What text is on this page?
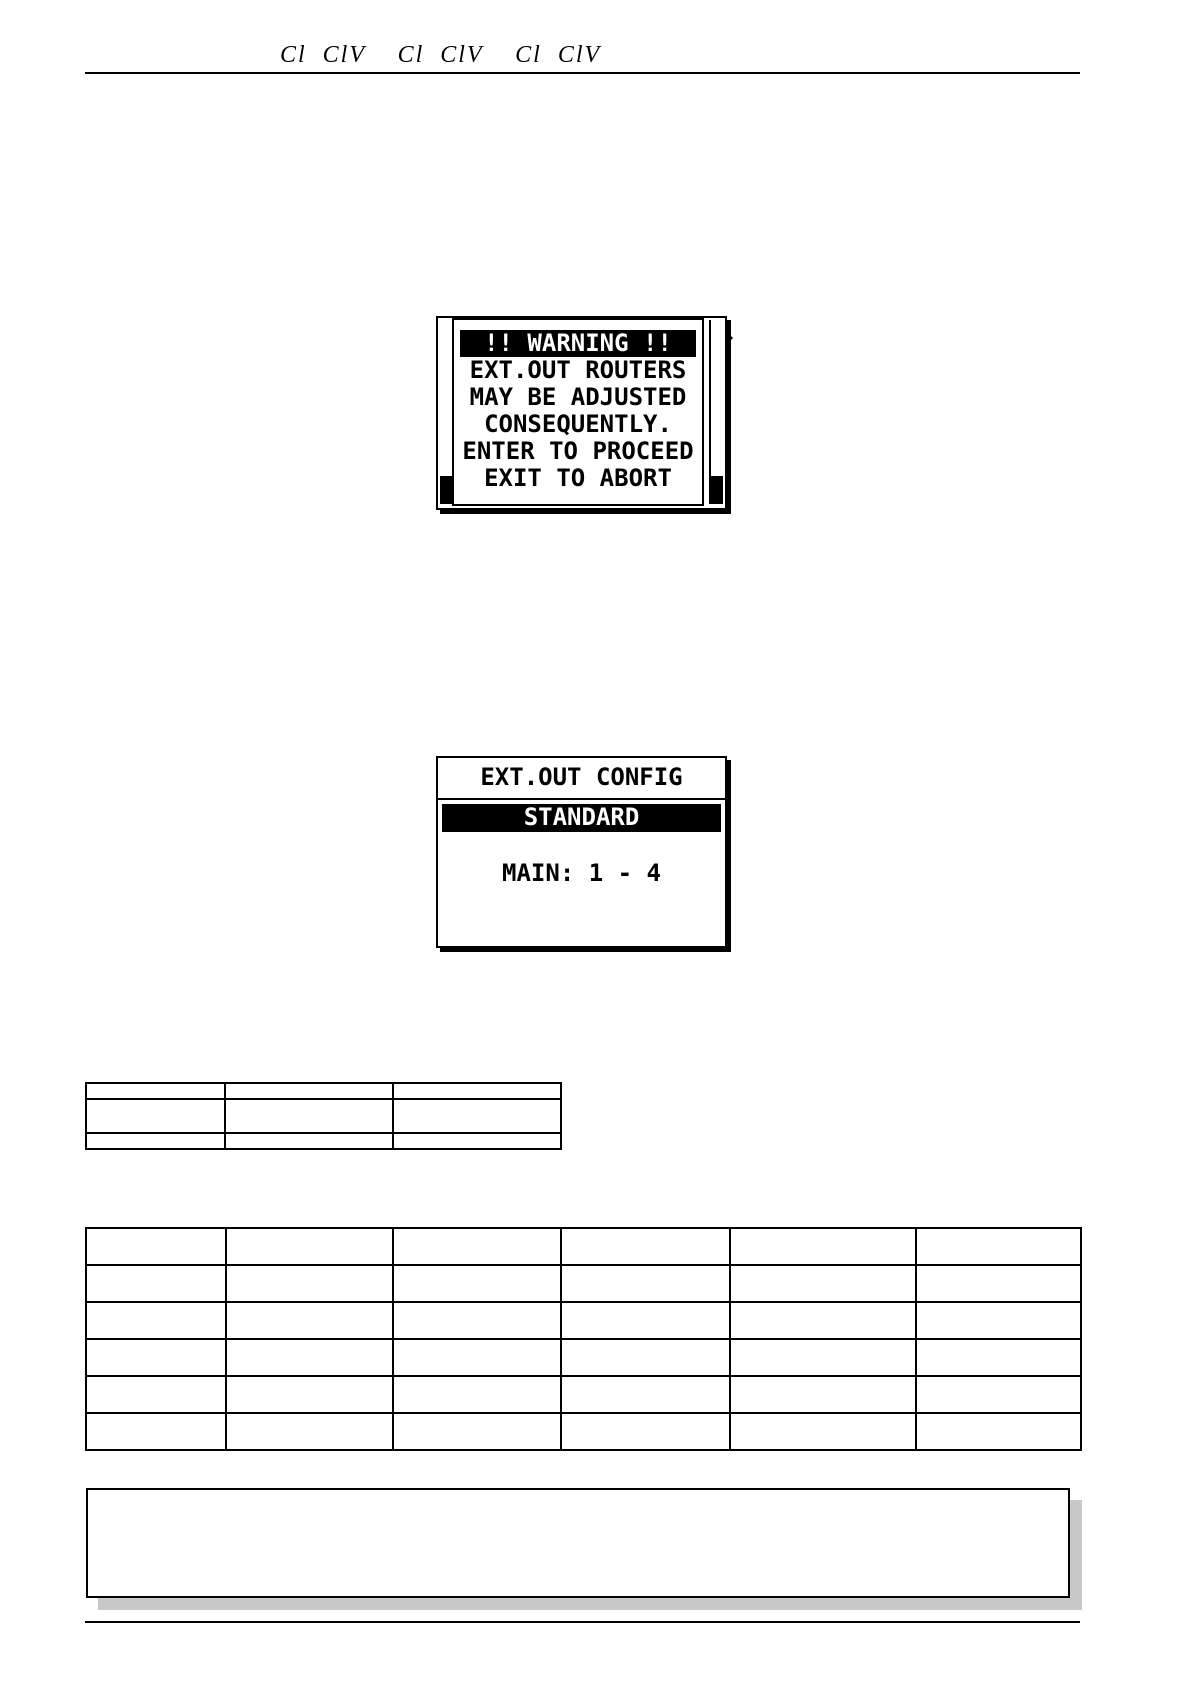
Cl  ClV    Cl  ClV    Cl  ClV
!! WARNING !!
EXT.OUT ROUTERS
MAY BE ADJUSTED
CONSEQUENTLY.
ENTER TO PROCEED
EXIT TO ABORT
EXT.OUT CONFIG
STANDARD
MAIN: 1 - 4
